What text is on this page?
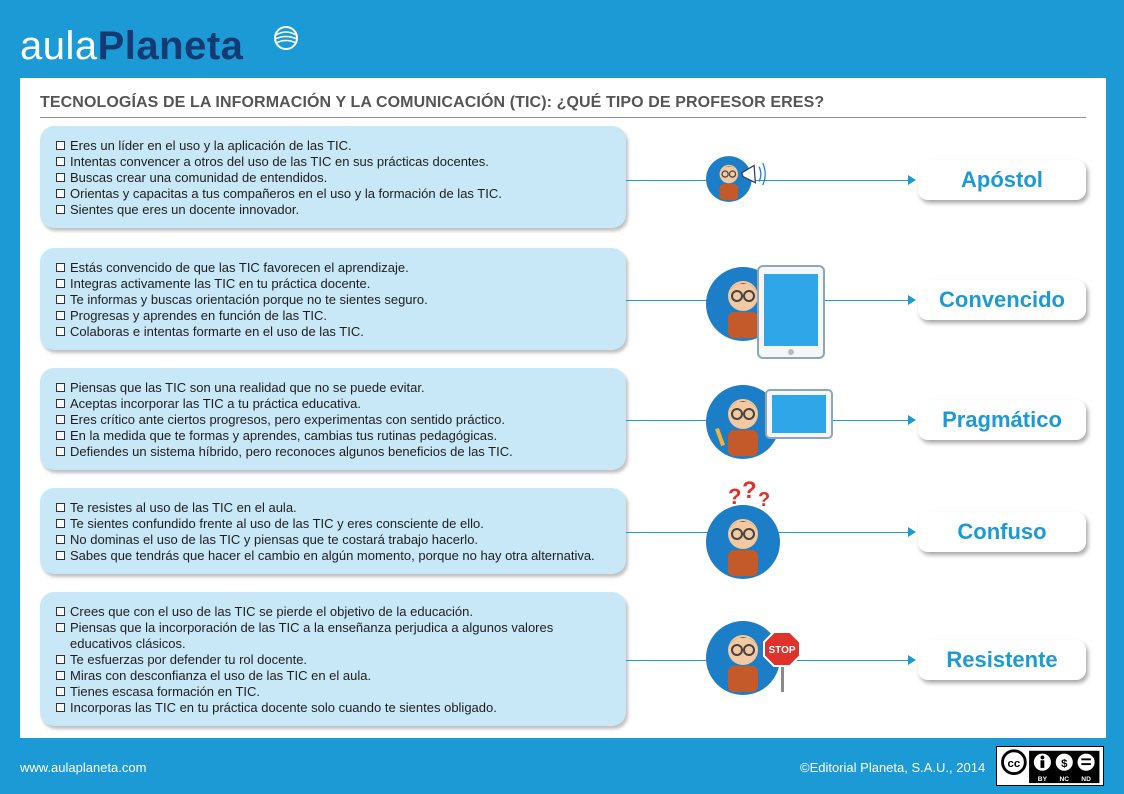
aulaPlaneta
TECNOLOGÍAS DE LA INFORMACIÓN Y LA COMUNICACIÓN (TIC): ¿QUÉ TIPO DE PROFESOR ERES?
Eres un líder en el uso y la aplicación de las TIC.
Intentas convencer a otros del uso de las TIC en sus prácticas docentes.
Buscas crear una comunidad de entendidos.
Orientas y capacitas a tus compañeros en el uso y la formación de las TIC.
Sientes que eres un docente innovador.
Apóstol
Estás convencido de que las TIC favorecen el aprendizaje.
Integras activamente las TIC en tu práctica docente.
Te informas y buscas orientación porque no te sientes seguro.
Progresas y aprendes en función de las TIC.
Colaboras e intentas formarte en el uso de las TIC.
Convencido
Piensas que las TIC son una realidad que no se puede evitar.
Aceptas incorporar las TIC a tu práctica educativa.
Eres crítico ante ciertos progresos, pero experimentas con sentido práctico.
En la medida que te formas y aprendes, cambias tus rutinas pedagógicas.
Defiendes un sistema híbrido, pero reconoces algunos beneficios de las TIC.
Pragmático
Te resistes al uso de las TIC en el aula.
Te sientes confundido frente al uso de las TIC y eres consciente de ello.
No dominas el uso de las TIC y piensas que te costará trabajo hacerlo.
Sabes que tendrás que hacer el cambio en algún momento, porque no hay otra alternativa.
? ? ?
Confuso
Crees que con el uso de las TIC se pierde el objetivo de la educación.
Piensas que la incorporación de las TIC a la enseñanza perjudica a algunos valores educativos clásicos.
Te esfuerzas por defender tu rol docente.
Miras con desconfianza el uso de las TIC en el aula.
Tienes escasa formación en TIC.
Incorporas las TIC en tu práctica docente solo cuando te sientes obligado.
STOP	Resistente
www.aulaplaneta.com	©Editorial Planeta, S.A.U., 2014 cc	$
BY NC ND
